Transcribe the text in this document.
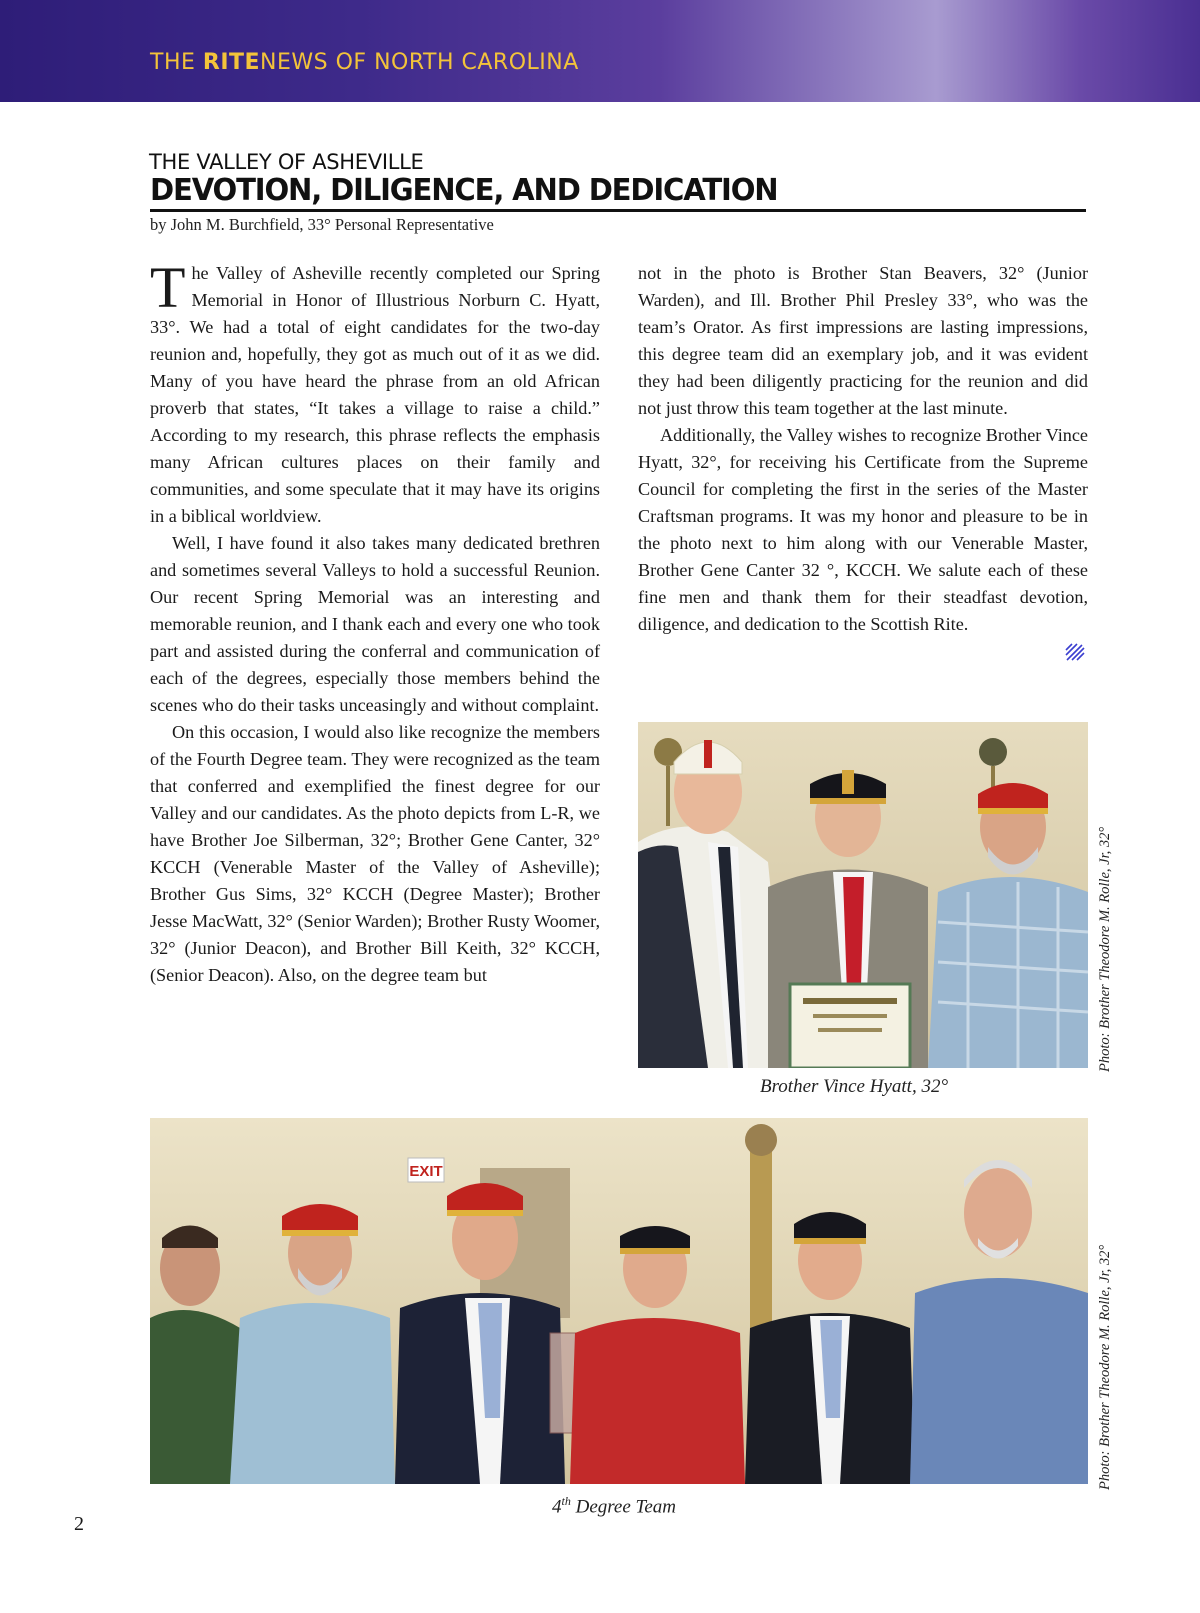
THE RITENEWS OF NORTH CAROLINA
THE VALLEY OF ASHEVILLE
DEVOTION, DILIGENCE, AND DEDICATION
by John M. Burchfield, 33° Personal Representative

The Valley of Asheville recently completed our Spring Memorial in Honor of Illustrious Norburn C. Hyatt, 33°. We had a total of eight candidates for the two-day reunion and, hopefully, they got as much out of it as we did. Many of you have heard the phrase from an old African proverb that states, “It takes a village to raise a child.” According to my research, this phrase reflects the emphasis many African cultures places on their family and communities, and some speculate that it may have its origins in a biblical worldview.

Well, I have found it also takes many dedicated brethren and sometimes several Valleys to hold a successful Reunion. Our recent Spring Memorial was an interesting and memorable reunion, and I thank each and every one who took part and assisted during the conferral and communication of each of the degrees, especially those members behind the scenes who do their tasks unceasingly and without complaint.

On this occasion, I would also like recognize the members of the Fourth Degree team. They were recognized as the team that conferred and exemplified the finest degree for our Valley and our candidates. As the photo depicts from L-R, we have Brother Joe Silberman, 32°; Brother Gene Canter, 32° KCCH (Venerable Master of the Valley of Asheville); Brother Gus Sims, 32° KCCH (Degree Master); Brother Jesse MacWatt, 32° (Senior Warden); Brother Rusty Woomer, 32° (Junior Deacon), and Brother Bill Keith, 32° KCCH, (Senior Deacon). Also, on the degree team but

not in the photo is Brother Stan Beavers, 32° (Junior Warden), and Ill. Brother Phil Presley 33°, who was the team’s Orator. As first impressions are lasting impressions, this degree team did an exemplary job, and it was evident they had been diligently practicing for the reunion and did not just throw this team together at the last minute.

Additionally, the Valley wishes to recognize Brother Vince Hyatt, 32°, for receiving his Certificate from the Supreme Council for completing the first in the series of the Master Craftsman programs. It was my honor and pleasure to be in the photo next to him along with our Venerable Master, Brother Gene Canter 32 °, KCCH. We salute each of these fine men and thank them for their steadfast devotion, diligence, and dedication to the Scottish Rite.

Brother Vince Hyatt, 32°
Photo: Brother Theodore M. Rolle, Jr, 32°
EXIT
4th Degree Team
Photo: Brother Theodore M. Rolle, Jr, 32°
2
